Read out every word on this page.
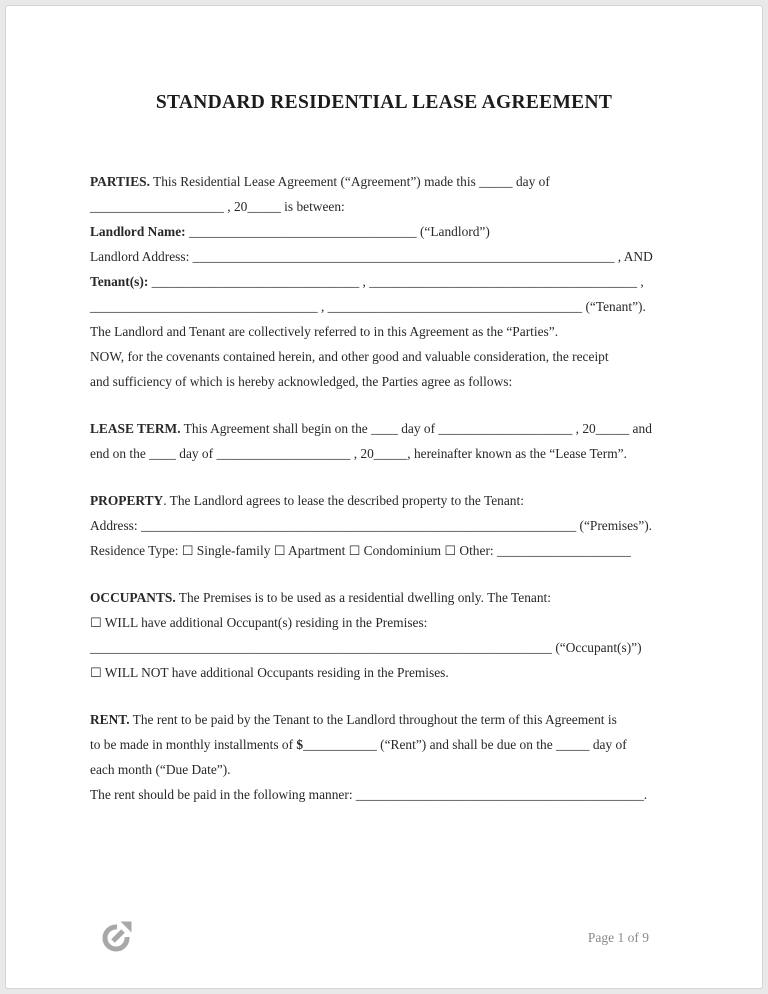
STANDARD RESIDENTIAL LEASE AGREEMENT
PARTIES. This Residential Lease Agreement (“Agreement”) made this _____ day of
____________________ , 20_____ is between:
Landlord Name: __________________________________ (“Landlord”)
Landlord Address: _______________________________________________________________ , AND
Tenant(s): _______________________________ , ________________________________________ ,
__________________________________ , ______________________________________ (“Tenant”).
The Landlord and Tenant are collectively referred to in this Agreement as the “Parties”.
NOW, for the covenants contained herein, and other good and valuable consideration, the receipt
and sufficiency of which is hereby acknowledged, the Parties agree as follows:
LEASE TERM. This Agreement shall begin on the ____ day of ____________________ , 20_____ and
end on the ____ day of ____________________ , 20_____, hereinafter known as the “Lease Term”.
PROPERTY. The Landlord agrees to lease the described property to the Tenant:
Address: _________________________________________________________________ (“Premises”).
Residence Type: ☐ Single-family ☐ Apartment ☐ Condominium ☐ Other: ____________________
OCCUPANTS. The Premises is to be used as a residential dwelling only. The Tenant:
☐ WILL have additional Occupant(s) residing in the Premises:
_____________________________________________________________________ (“Occupant(s)”)
☐ WILL NOT have additional Occupants residing in the Premises.
RENT. The rent to be paid by the Tenant to the Landlord throughout the term of this Agreement is
to be made in monthly installments of $___________ (“Rent”) and shall be due on the _____ day of
each month (“Due Date”).
The rent should be paid in the following manner: ___________________________________________.
Page 1 of 9
